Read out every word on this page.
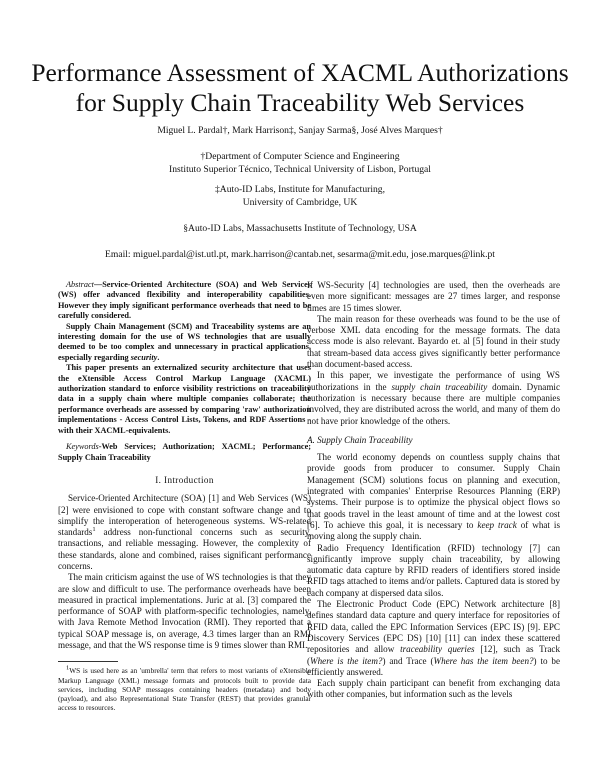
Performance Assessment of XACML Authorizations
for Supply Chain Traceability Web Services
Miguel L. Pardal†, Mark Harrison‡, Sanjay Sarma§, José Alves Marques†
†Department of Computer Science and Engineering
Instituto Superior Técnico, Technical University of Lisbon, Portugal
‡Auto-ID Labs, Institute for Manufacturing,
University of Cambridge, UK
§Auto-ID Labs, Massachusetts Institute of Technology, USA
Email: miguel.pardal@ist.utl.pt, mark.harrison@cantab.net, sesarma@mit.edu, jose.marques@link.pt

Abstract—Service-Oriented Architecture (SOA) and Web Services (WS) offer advanced flexibility and interoperability capabilities. However they imply significant performance overheads that need to be carefully considered.

Supply Chain Management (SCM) and Traceability systems are an interesting domain for the use of WS technologies that are usually deemed to be too complex and unnecessary in practical applications, especially regarding security.

This paper presents an externalized security architecture that uses the eXtensible Access Control Markup Language (XACML) authorization standard to enforce visibility restrictions on traceability data in a supply chain where multiple companies collaborate; the performance overheads are assessed by comparing 'raw' authorization implementations - Access Control Lists, Tokens, and RDF Assertions - with their XACML-equivalents.

Keywords-Web Services; Authorization; XACML; Performance; Supply Chain Traceability

I. Introduction

Service-Oriented Architecture (SOA) [1] and Web Services (WS) [2] were envisioned to cope with constant software change and to simplify the interoperation of heterogeneous systems. WS-related standards$^1$ address non-functional concerns such as security, transactions, and reliable messaging. However, the complexity of these standards, alone and combined, raises significant performance concerns.

The main criticism against the use of WS technologies is that they are slow and difficult to use. The performance overheads have been measured in practical implementations. Juric at al. [3] compared the performance of SOAP with platform-specific technologies, namely, with Java Remote Method Invocation (RMI). They reported that a typical SOAP message is, on average, 4.3 times larger than an RMI message, and that the WS response time is 9 times slower than RMI.

$^1$WS is used here as an 'umbrella' term that refers to most variants of eXtensible Markup Language (XML) message formats and protocols built to provide data services, including SOAP messages containing headers (metadata) and body (payload), and also Representational State Transfer (REST) that provides granular access to resources.

If WS-Security [4] technologies are used, then the overheads are even more significant: messages are 27 times larger, and response times are 15 times slower.

The main reason for these overheads was found to be the use of verbose XML data encoding for the message formats. The data access mode is also relevant. Bayardo et. al [5] found in their study that stream-based data access gives significantly better performance than document-based access.

In this paper, we investigate the performance of using WS authorizations in the supply chain traceability domain. Dynamic authorization is necessary because there are multiple companies involved, they are distributed across the world, and many of them do not have prior knowledge of the others.

A. Supply Chain Traceability

The world economy depends on countless supply chains that provide goods from producer to consumer. Supply Chain Management (SCM) solutions focus on planning and execution, integrated with companies' Enterprise Resources Planning (ERP) systems. Their purpose is to optimize the physical object flows so that goods travel in the least amount of time and at the lowest cost [6]. To achieve this goal, it is necessary to keep track of what is moving along the supply chain.

Radio Frequency Identification (RFID) technology [7] can significantly improve supply chain traceability, by allowing automatic data capture by RFID readers of identifiers stored inside RFID tags attached to items and/or pallets. Captured data is stored by each company at dispersed data silos.

The Electronic Product Code (EPC) Network architecture [8] defines standard data capture and query interface for repositories of RFID data, called the EPC Information Services (EPC IS) [9]. EPC Discovery Services (EPC DS) [10] [11] can index these scattered repositories and allow traceability queries [12], such as Track (Where is the item?) and Trace (Where has the item been?) to be efficiently answered.

Each supply chain participant can benefit from exchanging data with other companies, but information such as the levels
